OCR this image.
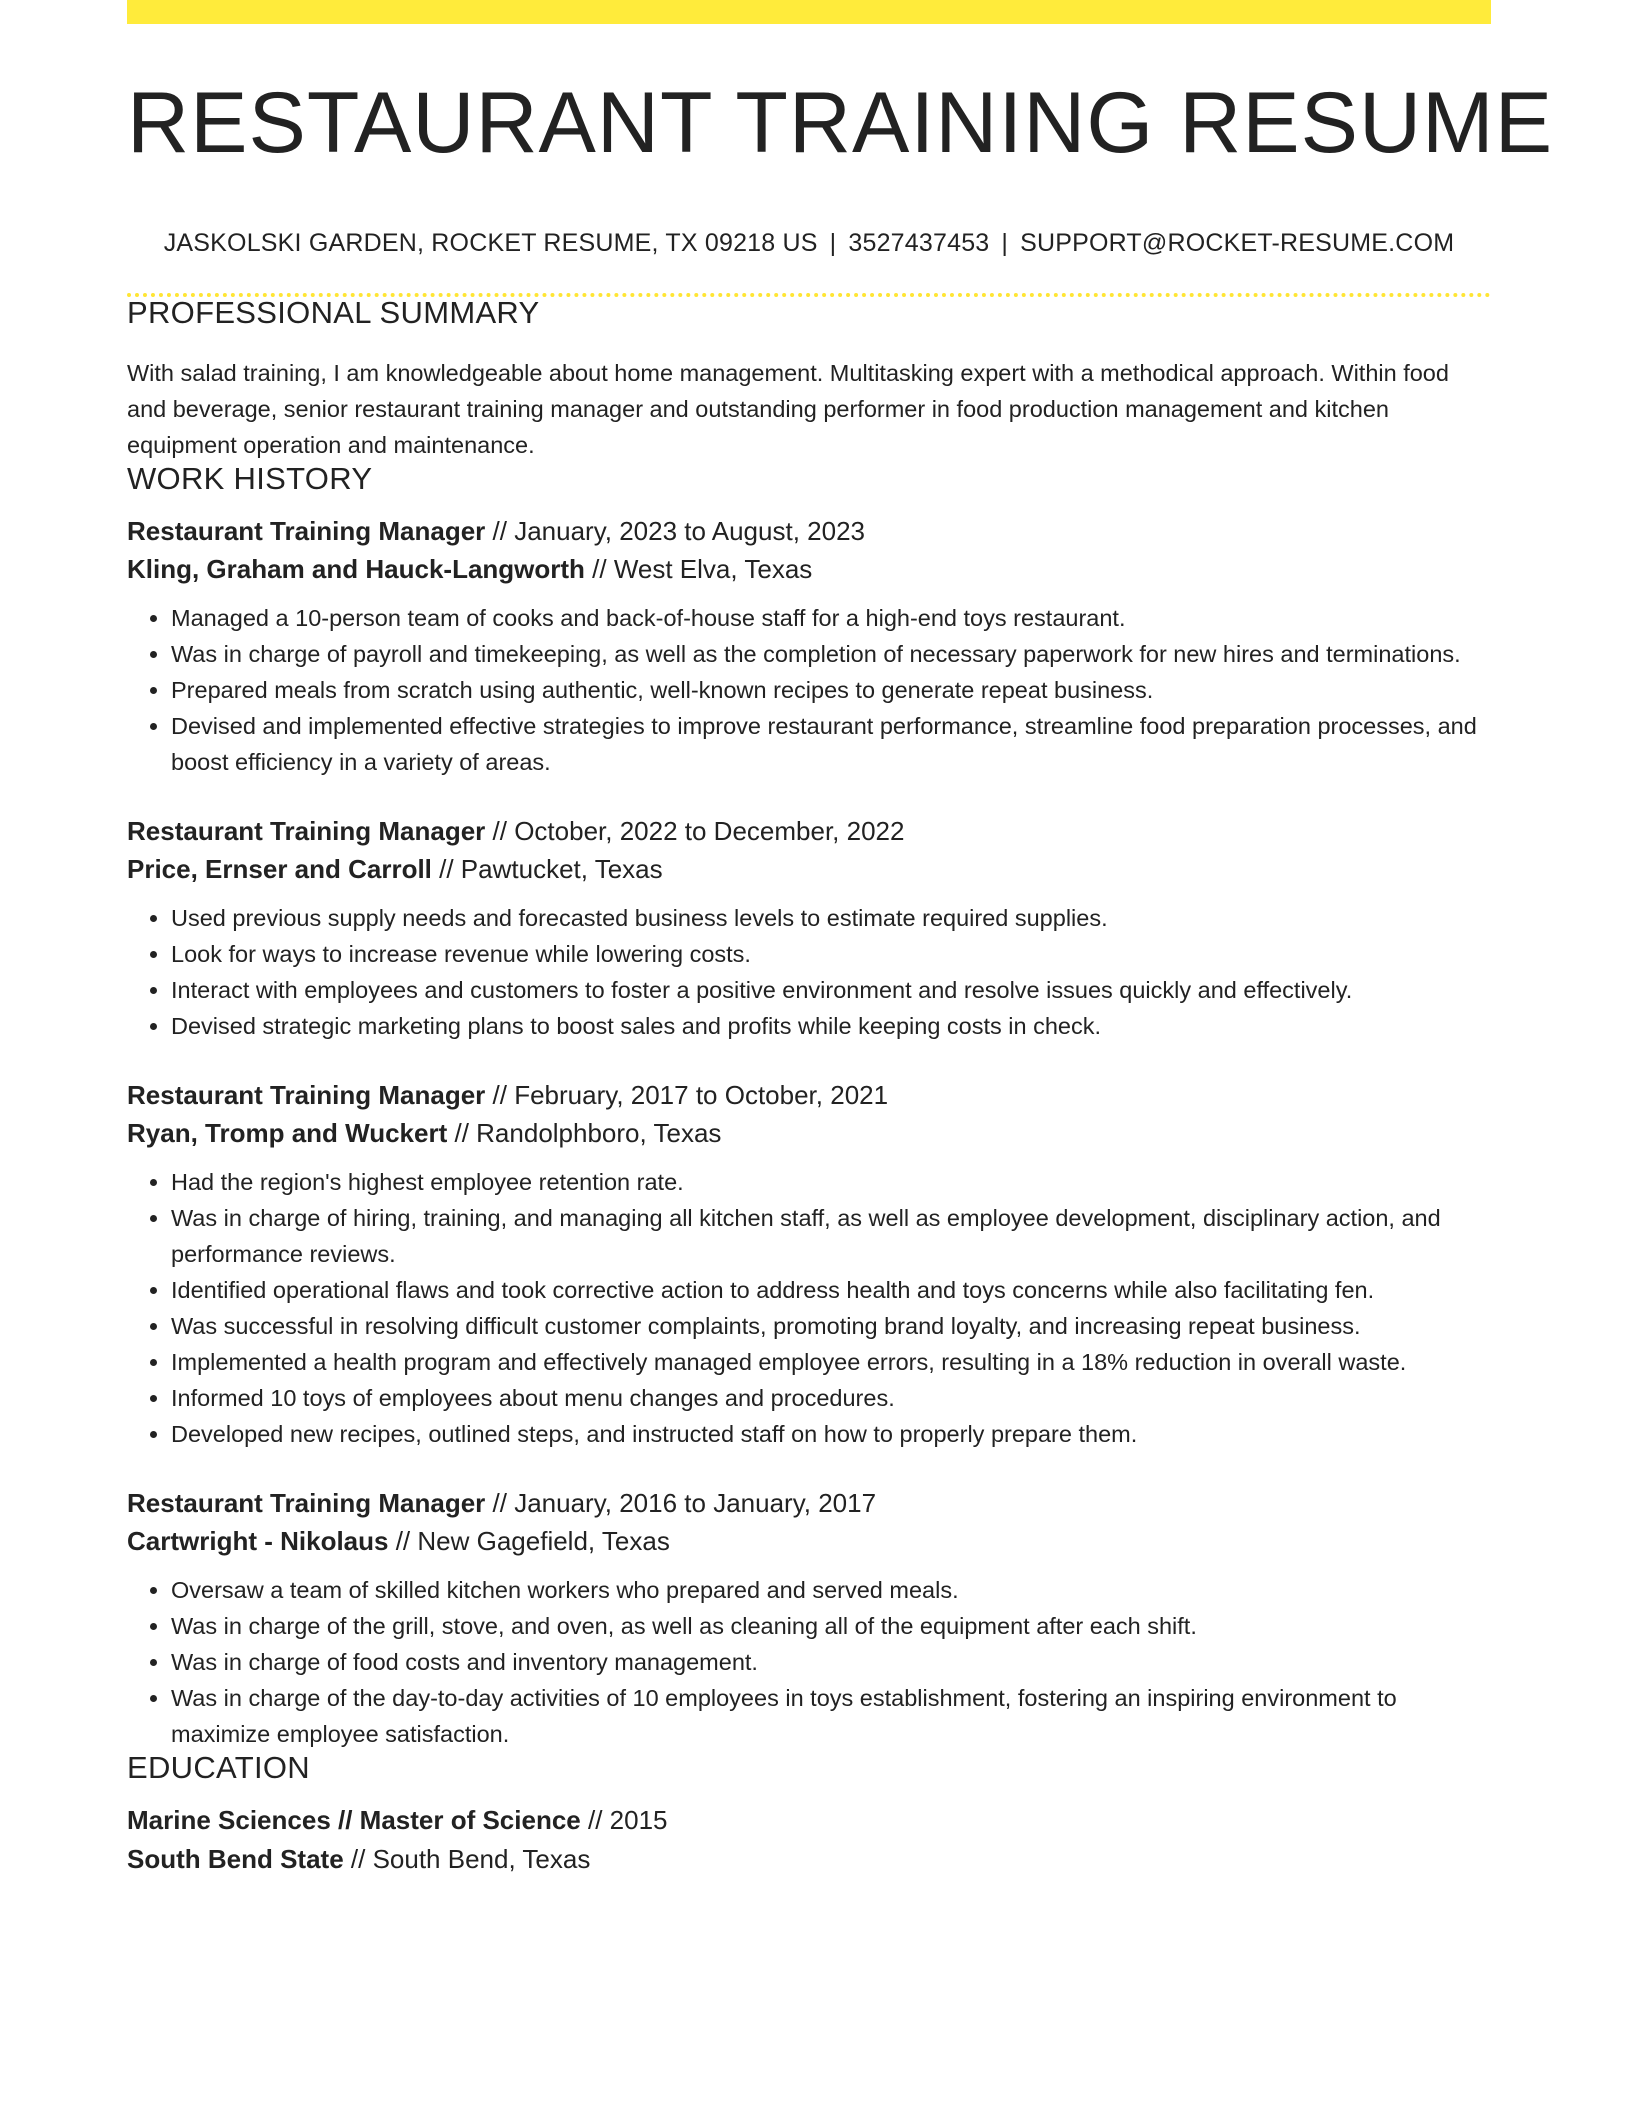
RESTAURANT TRAINING RESUME
JASKOLSKI GARDEN, ROCKET RESUME, TX 09218 US | 3527437453 | SUPPORT@ROCKET-RESUME.COM
PROFESSIONAL SUMMARY

With salad training, I am knowledgeable about home management. Multitasking expert with a methodical approach. Within food and beverage, senior restaurant training manager and outstanding performer in food production management and kitchen equipment operation and maintenance.

WORK HISTORY
Restaurant Training Manager // January, 2023 to August, 2023
Kling, Graham and Hauck-Langworth // West Elva, Texas
• Managed a 10-person team of cooks and back-of-house staff for a high-end toys restaurant.
• Was in charge of payroll and timekeeping, as well as the completion of necessary paperwork for new hires and terminations.
• Prepared meals from scratch using authentic, well-known recipes to generate repeat business.
• Devised and implemented effective strategies to improve restaurant performance, streamline food preparation processes, and boost efficiency in a variety of areas.
Restaurant Training Manager // October, 2022 to December, 2022
Price, Ernser and Carroll // Pawtucket, Texas
• Used previous supply needs and forecasted business levels to estimate required supplies.
• Look for ways to increase revenue while lowering costs.
• Interact with employees and customers to foster a positive environment and resolve issues quickly and effectively.
• Devised strategic marketing plans to boost sales and profits while keeping costs in check.
Restaurant Training Manager // February, 2017 to October, 2021
Ryan, Tromp and Wuckert // Randolphboro, Texas
• Had the region's highest employee retention rate.
• Was in charge of hiring, training, and managing all kitchen staff, as well as employee development, disciplinary action, and performance reviews.
• Identified operational flaws and took corrective action to address health and toys concerns while also facilitating fen.
• Was successful in resolving difficult customer complaints, promoting brand loyalty, and increasing repeat business.
• Implemented a health program and effectively managed employee errors, resulting in a 18% reduction in overall waste.
• Informed 10 toys of employees about menu changes and procedures.
• Developed new recipes, outlined steps, and instructed staff on how to properly prepare them.
Restaurant Training Manager // January, 2016 to January, 2017
Cartwright - Nikolaus // New Gagefield, Texas
• Oversaw a team of skilled kitchen workers who prepared and served meals.
• Was in charge of the grill, stove, and oven, as well as cleaning all of the equipment after each shift.
• Was in charge of food costs and inventory management.
• Was in charge of the day-to-day activities of 10 employees in toys establishment, fostering an inspiring environment to maximize employee satisfaction.
EDUCATION
Marine Sciences // Master of Science // 2015
South Bend State // South Bend, Texas
